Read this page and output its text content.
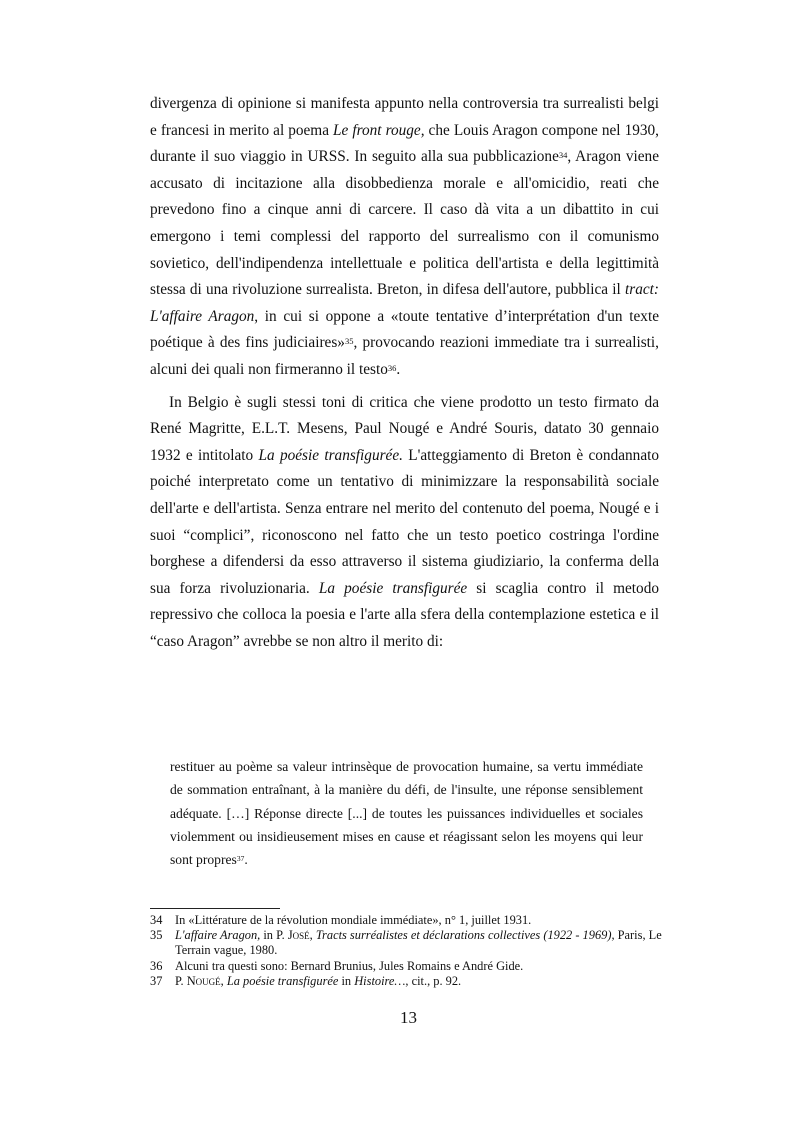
divergenza di opinione si manifesta appunto nella controversia tra surrealisti belgi e francesi in merito al poema Le front rouge, che Louis Aragon compone nel 1930, durante il suo viaggio in URSS. In seguito alla sua pubblicazione$^{34}$, Aragon viene accusato di incitazione alla disobbedienza morale e all'omicidio, reati che prevedono fino a cinque anni di carcere. Il caso dà vita a un dibattito in cui emergono i temi complessi del rapporto del surrealismo con il comunismo sovietico, dell'indipendenza intellettuale e politica dell'artista e della legittimità stessa di una rivoluzione surrealista. Breton, in difesa dell'autore, pubblica il tract: L'affaire Aragon, in cui si oppone a «toute tentative d’interprétation d'un texte poétique à des fins judiciaires»$^{35}$, provocando reazioni immediate tra i surrealisti, alcuni dei quali non firmeranno il testo$^{36}$.

In Belgio è sugli stessi toni di critica che viene prodotto un testo firmato da René Magritte, E.L.T. Mesens, Paul Nougé e André Souris, datato 30 gennaio 1932 e intitolato La poésie transfigurée. L'atteggiamento di Breton è condannato poiché interpretato come un tentativo di minimizzare la responsabilità sociale dell'arte e dell'artista. Senza entrare nel merito del contenuto del poema, Nougé e i suoi “complici”, riconoscono nel fatto che un testo poetico costringa l'ordine borghese a difendersi da esso attraverso il sistema giudiziario, la conferma della sua forza rivoluzionaria. La poésie transfigurée si scaglia contro il metodo repressivo che colloca la poesia e l'arte alla sfera della contemplazione estetica e il “caso Aragon” avrebbe se non altro il merito di:

restituer au poème sa valeur intrinsèque de provocation humaine, sa vertu immédiate de sommation entraînant, à la manière du défi, de l'insulte, une réponse sensiblement adéquate. […] Réponse directe [...] de toutes les puissances individuelles et sociales violemment ou insidieusement mises en cause et réagissant selon les moyens qui leur sont propres$^{37}$.

34	In «Littérature de la révolution mondiale immédiate», n° 1, juillet 1931.
35	L'affaire Aragon, in P. José, Tracts surréalistes et déclarations collectives (1922 - 1969), Paris, Le Terrain vague, 1980.
36	Alcuni tra questi sono: Bernard Brunius, Jules Romains e André Gide.
37	P. Nougé, La poésie transfigurée in Histoire…, cit., p. 92.
13
